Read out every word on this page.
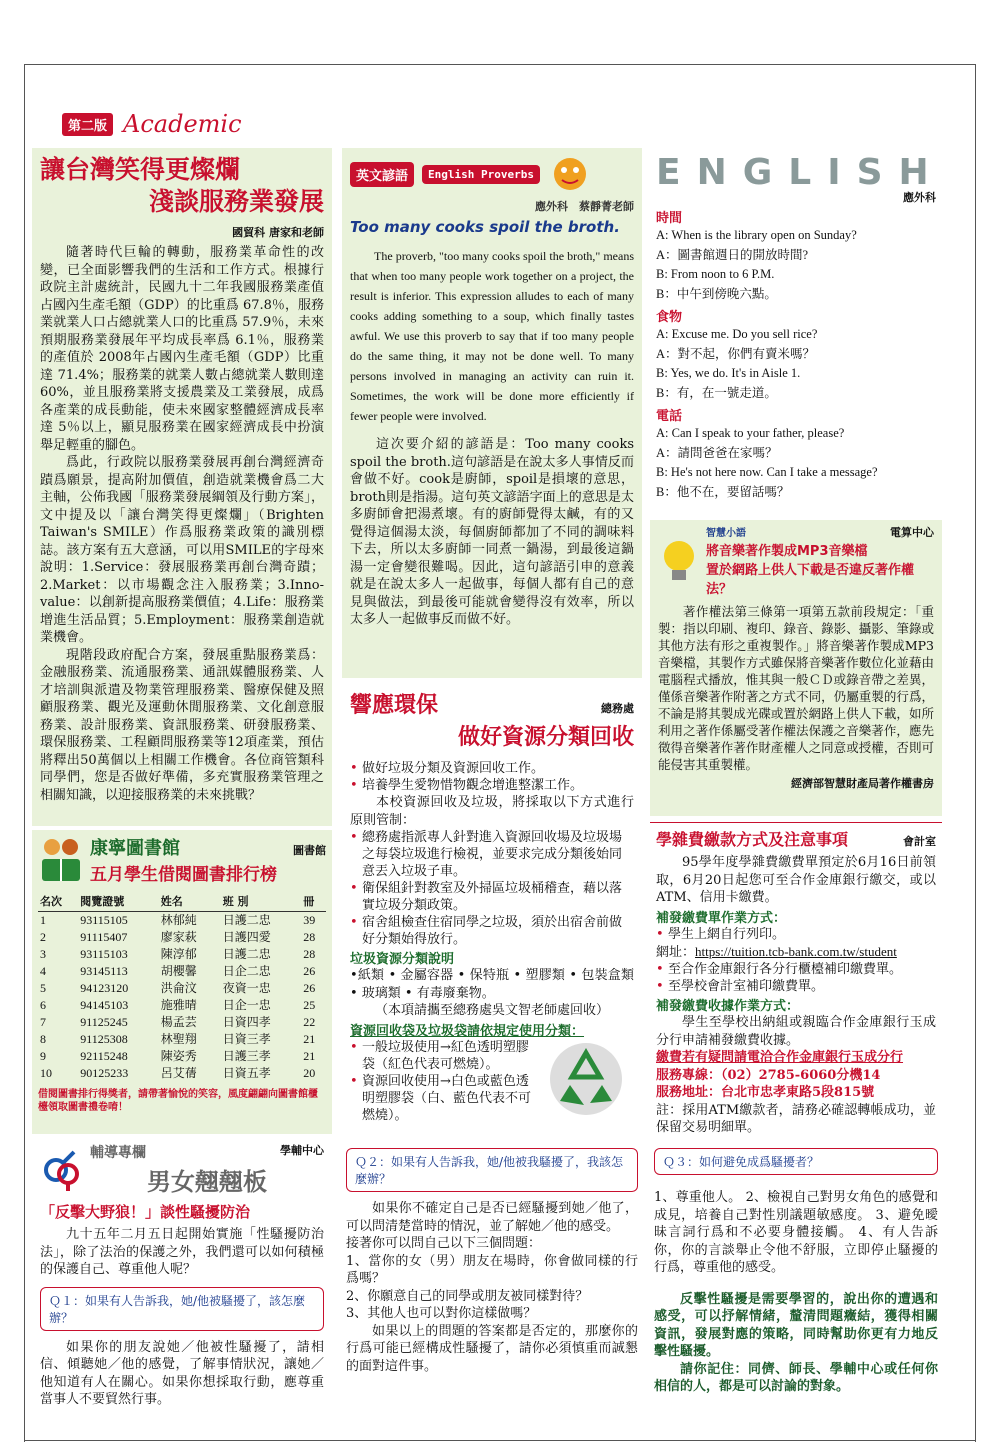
第二版 Academic
讓台灣笑得更燦爛
淺談服務業發展
國貿科 唐家和老師
隨著時代巨輪的轉動，服務業革命性的改變，已全面影響我們的生活和工作方式。根據行政院主計處統計，民國九十二年我國服務業產值占國內生產毛額（GDP）的比重爲 67.8％，服務業就業人口占總就業人口的比重爲 57.9％，未來預期服務業發展年平均成長率爲 6.1％，服務業的產值於 2008年占國內生產毛額（GDP）比重達 71.4%；服務業的就業人數占總就業人數則達60%，並且服務業將支援農業及工業發展，成爲各產業的成長動能，使未來國家整體經濟成長率達 5％以上，顯見服務業在國家經濟成長中扮演舉足輕重的腳色。
爲此，行政院以服務業發展再創台灣經濟奇蹟爲願景，提高附加價值，創造就業機會爲二大主軸，公佈我國「服務業發展綱領及行動方案」，文中提及以「讓台灣笑得更燦爛」（Brighten Taiwan's SMILE）作爲服務業政策的識別標誌。該方案有五大意涵，可以用SMILE的字母來說明：1.Service：發展服務業再創台灣奇蹟；2.Market：以市場觀念注入服務業；3.Inno-value：以創新提高服務業價值；4.Life：服務業增進生活品質；5.Employment：服務業創造就業機會。
現階段政府配合方案，發展重點服務業爲：金融服務業、流通服務業、通訊媒體服務業、人才培訓與派遣及物業管理服務業、醫療保健及照顧服務業、觀光及運動休閒服務業、文化創意服務業、設計服務業、資訊服務業、研發服務業、環保服務業、工程顧問服務業等12項產業，預估將釋出50萬個以上相關工作機會。各位商管類科同學們，您是否做好準備，多充實服務業管理之相關知識，以迎接服務業的未來挑戰？
康寧圖書館	圖書館
五月學生借閱圖書排行榜
名次	閱覽證號	姓名	班 別	冊
1	93115105	林郁純	日護二忠	39
2	91115407	廖家萩	日護四愛	28
3	93115103	陳淳郁	日護二忠	28
4	93145113	胡櫻馨	日企二忠	26
5	94123120	洪侖汶	夜資一忠	26
6	94145103	施雅晴	日企一忠	25
7	91125245	楊孟芸	日資四孝	22
8	91125308	林聖翔	日資三孝	21
9	92115248	陳姿秀	日護三孝	21
10	90125233	呂艾蒨	日資五孝	20
借閱圖書排行得獎者，請帶著愉悅的笑容，風度翩翩向圖書館櫃檯領取圖書禮卷唷！
輔導專欄	學輔中心
男女翹翹板
「反擊大野狼！」談性騷擾防治
九十五年二月五日起開始實施「性騷擾防治法」，除了法治的保護之外，我們還可以如何積極的保護自己、尊重他人呢？
Ｑ１：如果有人告訴我，她/他被騷擾了，該怎麼辦？
如果你的朋友說她／他被性騷擾了，請相信、傾聽她／他的感覺，了解事情狀況，讓她／他知道有人在關心。如果你想採取行動，應尊重當事人不要貿然行事。
英文諺語	English Proverbs
應外科　蔡靜菁老師
Too many cooks spoil the broth.
The proverb, "too many cooks spoil the broth," means that when too many people work together on a project, the result is inferior. This expression alludes to each of many cooks adding something to a soup, which finally tastes awful. We use this proverb to say that if too many people do the same thing, it may not be done well. To many persons involved in managing an activity can ruin it. Sometimes, the work will be done more efficiently if fewer people were involved.
這次要介紹的諺語是：Too many cooks spoil the broth.這句諺語是在說太多人事情反而會做不好。cook是廚師，spoil是損壞的意思，broth則是指湯。這句英文諺語字面上的意思是太多廚師會把湯煮壞。有的廚師覺得太鹹，有的又覺得這個湯太淡，每個廚師都加了不同的調味料下去，所以太多廚師一同煮一鍋湯，到最後這鍋湯一定會變很難喝。因此，這句諺語引申的意義就是在說太多人一起做事，每個人都有自己的意見與做法，到最後可能就會變得沒有效率，所以太多人一起做事反而做不好。
響應環保	總務處
做好資源分類回收
• 做好垃圾分類及資源回收工作。
• 培養學生愛物惜物觀念增進整潔工作。
本校資源回收及垃圾，將採取以下方式進行原則管制：
• 總務處指派專人針對進入資源回收場及垃圾場之每袋垃圾進行檢視，並要求完成分類後始同意丟入垃圾子車。
• 衛保組針對教室及外掃區垃圾桶稽查，藉以落實垃圾分類政策。
• 宿舍組檢查住宿同學之垃圾，須於出宿舍前做好分類始得放行。
垃圾資源分類說明
•紙類 • 金屬容器 • 保特瓶 • 塑膠類 • 包裝盒類 • 玻璃類 • 有毒廢棄物。
（本項請攜至總務處吳文智老師處回收）
資源回收袋及垃圾袋請依規定使用分類：
• 一般垃圾使用→紅色透明塑膠袋（紅色代表可燃燒）。
• 資源回收使用→白色或藍色透明塑膠袋（白、藍色代表不可燃燒）。
Ｑ２：如果有人告訴我，她/他被我騷擾了，我該怎麼辦？
如果你不確定自己是否已經騷擾到她／他了，可以問清楚當時的情況，並了解她／他的感受。
接著你可以問自己以下三個問題：
1、當你的女（男）朋友在場時，你會做同樣的行爲嗎？
2、你願意自己的同學或朋友被同樣對待？
3、其他人也可以對你這樣做嗎？
如果以上的問題的答案都是否定的，那麼你的行爲可能已經構成性騷擾了，請你必須慎重而誠懇的面對這件事。
ENGLISH
應外科
時間
A: When is the library open on Sunday?
A：圖書館週日的開放時間?
B: From noon to 6 P.M.
B：中午到傍晚六點。
食物
A: Excuse me. Do you sell rice?
A：對不起，你們有賣米嗎？
B: Yes, we do. It's in Aisle 1.
B：有，在一號走道。
電話
A: Can I speak to your father, please?
A：請問爸爸在家嗎？
B: He's not here now. Can I take a message?
B：他不在，要留話嗎？
智慧小語	電算中心
將音樂著作製成MP3音樂檔
置於網路上供人下載是否違反著作權法？
著作權法第三條第一項第五款前段規定：「重製：指以印刷、複印、錄音、錄影、攝影、筆錄或其他方法有形之重複製作。」將音樂著作製成MP3音樂檔，其製作方式雖保將音樂著作數位化並藉由電腦程式播放，惟其與一般ＣＤ或錄音帶之差異，僅係音樂著作附著之方式不同，仍屬重製的行爲，不論是將其製成光碟或置於網路上供人下載，如所利用之著作係屬受著作權法保護之音樂著作，應先徵得音樂著作著作財產權人之同意或授權，否則可能侵害其重製權。
經濟部智慧財產局著作權書房
學雜費繳款方式及注意事項	會計室
95學年度學雜費繳費單預定於6月16日前領取，6月20日起您可至合作金庫銀行繳交，或以ATM、信用卡繳費。
補發繳費單作業方式：
• 學生上網自行列印。
網址：https://tuition.tcb-bank.com.tw/student
• 至合作金庫銀行各分行櫃檯補印繳費單。
• 至學校會計室補印繳費單。
補發繳費收據作業方式：
學生至學校出納組或親臨合作金庫銀行玉成分行申請補發繳費收據。
繳費若有疑問請電洽合作金庫銀行玉成分行
服務專線：（02）2785-6060分機14
服務地址：台北市忠孝東路5段815號
註：採用ATM繳款者，請務必確認轉帳成功，並保留交易明細單。
Ｑ３：如何避免成爲騷擾者？
1、尊重他人。 2、檢視自己對男女角色的感覺和成見，培養自己對性別議題敏感度。 3、避免曖昧言詞行爲和不必要身體接觸。 4、有人告訴你，你的言談舉止令他不舒服，立即停止騷擾的行爲，尊重他的感受。
反擊性騷擾是需要學習的，說出你的遭遇和感受，可以抒解情緒，釐清問題癥結，獲得相關資訊，發展對應的策略，同時幫助你更有力地反擊性騷擾。
請你記住：同儕、師長、學輔中心或任何你相信的人，都是可以討論的對象。
